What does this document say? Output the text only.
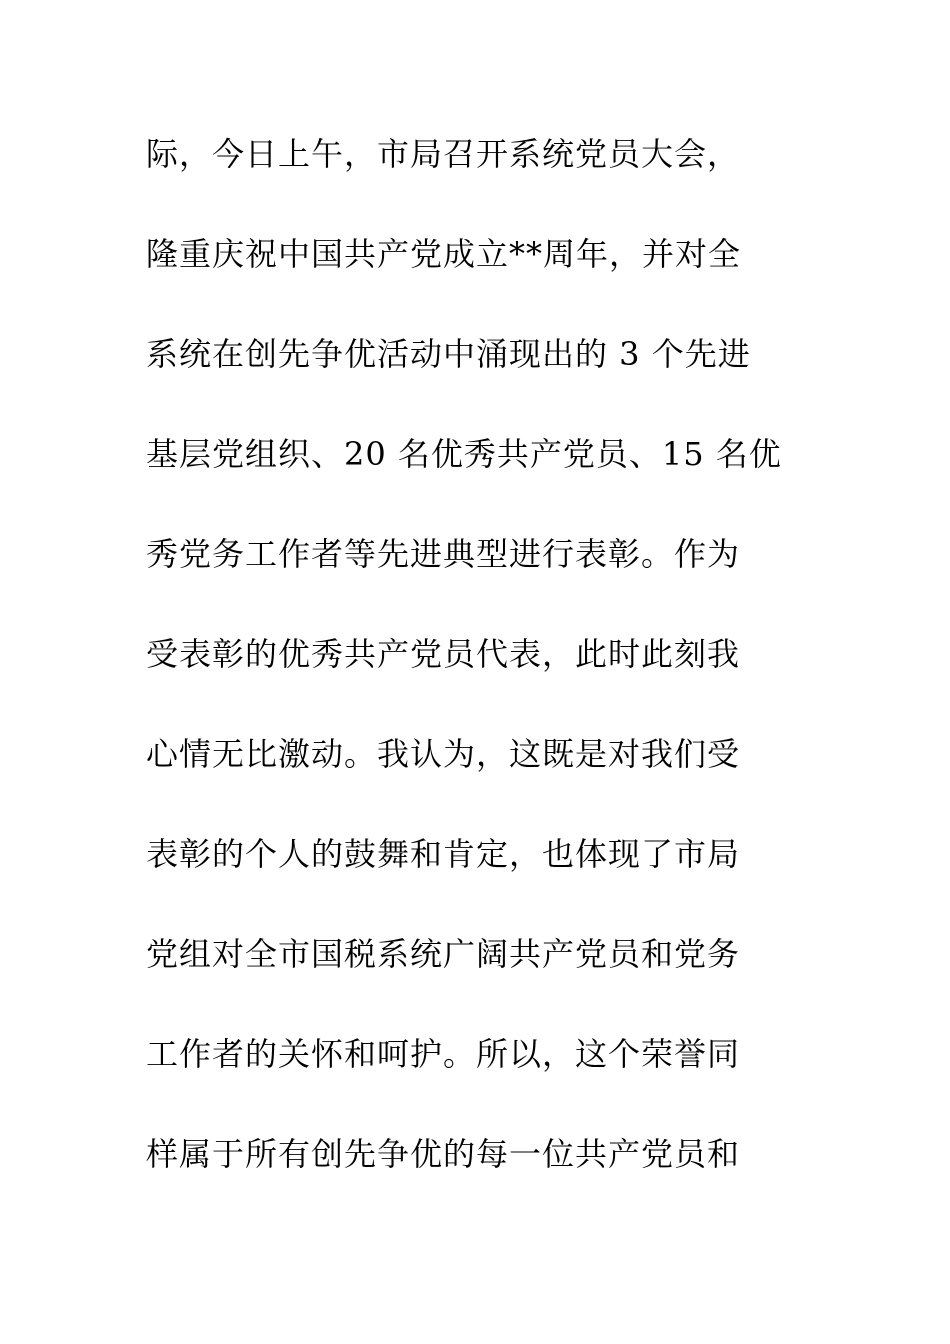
际，今日上午，市局召开系统党员大会，
隆重庆祝中国共产党成立**周年，并对全
系统在创先争优活动中涌现出的 3 个先进
基层党组织、20 名优秀共产党员、15 名优
秀党务工作者等先进典型进行表彰。作为
受表彰的优秀共产党员代表，此时此刻我
心情无比激动。我认为，这既是对我们受
表彰的个人的鼓舞和肯定，也体现了市局
党组对全市国税系统广阔共产党员和党务
工作者的关怀和呵护。所以，这个荣誉同
样属于所有创先争优的每一位共产党员和
